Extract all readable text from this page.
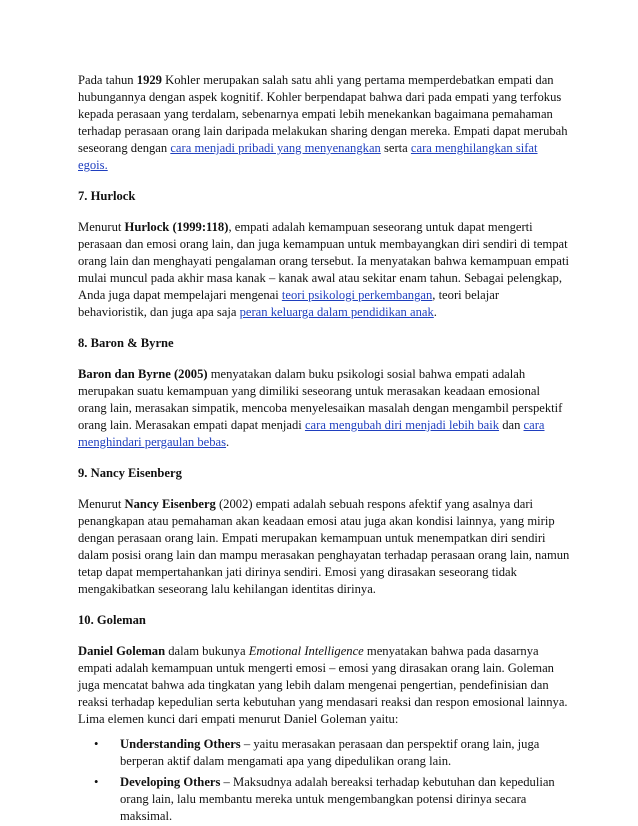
Pada tahun 1929 Kohler merupakan salah satu ahli yang pertama memperdebatkan empati dan hubungannya dengan aspek kognitif. Kohler berpendapat bahwa dari pada empati yang terfokus kepada perasaan yang terdalam, sebenarnya empati lebih menekankan bagaimana pemahaman terhadap perasaan orang lain daripada melakukan sharing dengan mereka. Empati dapat merubah seseorang dengan cara menjadi pribadi yang menyenangkan serta cara menghilangkan sifat egois.

7. Hurlock

Menurut Hurlock (1999:118), empati adalah kemampuan seseorang untuk dapat mengerti perasaan dan emosi orang lain, dan juga kemampuan untuk membayangkan diri sendiri di tempat orang lain dan menghayati pengalaman orang tersebut. Ia menyatakan bahwa kemampuan empati mulai muncul pada akhir masa kanak – kanak awal atau sekitar enam tahun. Sebagai pelengkap, Anda juga dapat mempelajari mengenai teori psikologi perkembangan, teori belajar behavioristik, dan juga apa saja peran keluarga dalam pendidikan anak.

8. Baron & Byrne

Baron dan Byrne (2005) menyatakan dalam buku psikologi sosial bahwa empati adalah merupakan suatu kemampuan yang dimiliki seseorang untuk merasakan keadaan emosional orang lain, merasakan simpatik, mencoba menyelesaikan masalah dengan mengambil perspektif orang lain. Merasakan empati dapat menjadi cara mengubah diri menjadi lebih baik dan cara menghindari pergaulan bebas.

9. Nancy Eisenberg

Menurut Nancy Eisenberg (2002) empati adalah sebuah respons afektif yang asalnya dari penangkapan atau pemahaman akan keadaan emosi atau juga akan kondisi lainnya, yang mirip dengan perasaan orang lain. Empati merupakan kemampuan untuk menempatkan diri sendiri dalam posisi orang lain dan mampu merasakan penghayatan terhadap perasaan orang lain, namun tetap dapat mempertahankan jati dirinya sendiri. Emosi yang dirasakan seseorang tidak mengakibatkan seseorang lalu kehilangan identitas dirinya.

10. Goleman

Daniel Goleman dalam bukunya Emotional Intelligence menyatakan bahwa pada dasarnya empati adalah kemampuan untuk mengerti emosi – emosi yang dirasakan orang lain. Goleman juga mencatat bahwa ada tingkatan yang lebih dalam mengenai pengertian, pendefinisian dan reaksi terhadap kepedulian serta kebutuhan yang mendasari reaksi dan respon emosional lainnya. Lima elemen kunci dari empati menurut Daniel Goleman yaitu:

• Understanding Others – yaitu merasakan perasaan dan perspektif orang lain, juga berperan aktif dalam mengamati apa yang dipedulikan orang lain.
• Developing Others – Maksudnya adalah bereaksi terhadap kebutuhan dan kepedulian orang lain, lalu membantu mereka untuk mengembangkan potensi dirinya secara maksimal.
